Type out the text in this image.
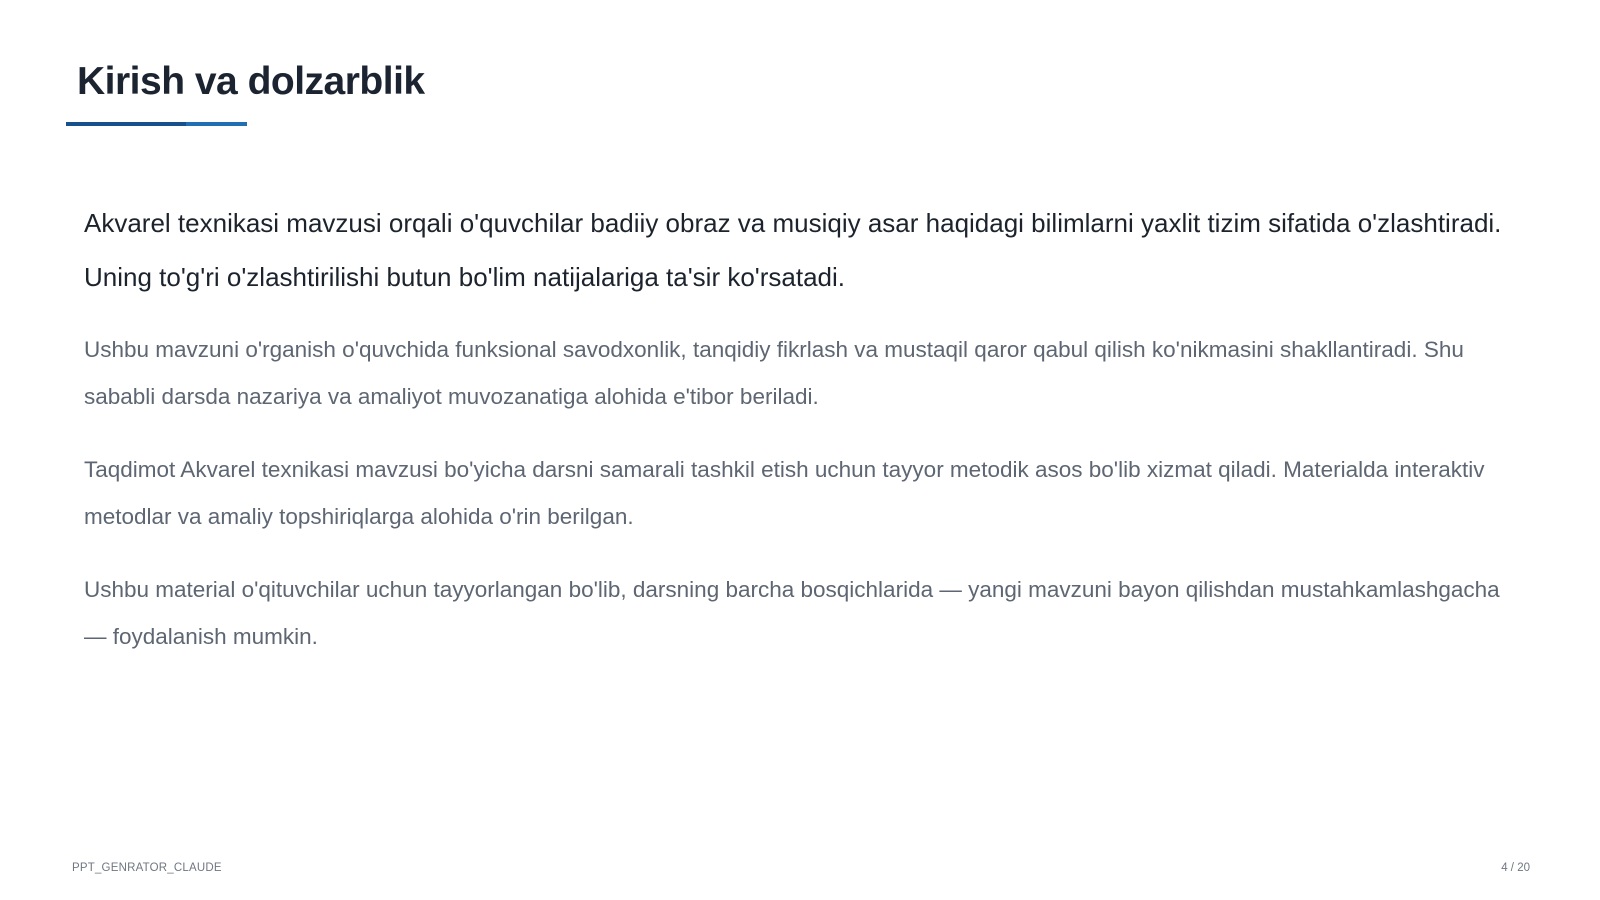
Kirish va dolzarblik

Akvarel texnikasi mavzusi orqali o'quvchilar badiiy obraz va musiqiy asar haqidagi bilimlarni yaxlit tizim sifatida o'zlashtiradi. Uning to'g'ri o'zlashtirilishi butun bo'lim natijalariga ta'sir ko'rsatadi.

Ushbu mavzuni o'rganish o'quvchida funksional savodxonlik, tanqidiy fikrlash va mustaqil qaror qabul qilish ko'nikmasini shakllantiradi. Shu sababli darsda nazariya va amaliyot muvozanatiga alohida e'tibor beriladi.

Taqdimot Akvarel texnikasi mavzusi bo'yicha darsni samarali tashkil etish uchun tayyor metodik asos bo'lib xizmat qiladi. Materialda interaktiv metodlar va amaliy topshiriqlarga alohida o'rin berilgan.

Ushbu material o'qituvchilar uchun tayyorlangan bo'lib, darsning barcha bosqichlarida — yangi mavzuni bayon qilishdan mustahkamlashgacha — foydalanish mumkin.

PPT_GENRATOR_CLAUDE	4 / 20
